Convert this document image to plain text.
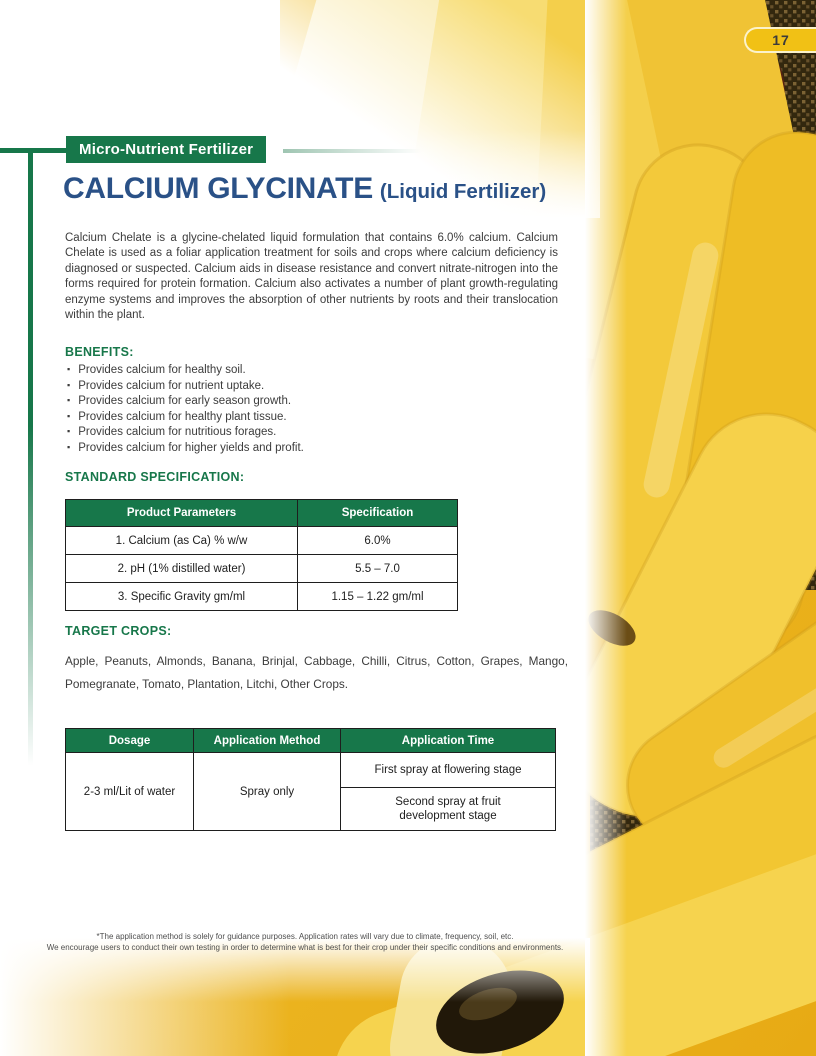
17
Micro-Nutrient Fertilizer
CALCIUM GLYCINATE (Liquid Fertilizer)

Calcium Chelate is a glycine-chelated liquid formulation that contains 6.0% calcium. Calcium Chelate is used as a foliar application treatment for soils and crops where calcium deficiency is diagnosed or suspected. Calcium aids in disease resistance and convert nitrate-nitrogen into the forms required for protein formation. Calcium also activates a number of plant growth-regulating enzyme systems and improves the absorption of other nutrients by roots and their translocation within the plant.

BENEFITS:
▪ Provides calcium for healthy soil.
▪ Provides calcium for nutrient uptake.
▪ Provides calcium for early season growth.
▪ Provides calcium for healthy plant tissue.
▪ Provides calcium for nutritious forages.
▪ Provides calcium for higher yields and profit.
STANDARD SPECIFICATION:
Product Parameters	Specification
1. Calcium (as Ca) % w/w	6.0%
2. pH (1% distilled water)	5.5 – 7.0
3. Specific Gravity gm/ml	1.15 – 1.22 gm/ml
TARGET CROPS:

Apple, Peanuts, Almonds, Banana, Brinjal, Cabbage, Chilli, Citrus, Cotton, Grapes, Mango, Pomegranate, Tomato, Plantation, Litchi, Other Crops.

Dosage	Application Method	Application Time
2-3 ml/Lit of water	Spray only	First spray at flowering stage
		Second spray at fruit development stage
*The application method is solely for guidance purposes. Application rates will vary due to climate, frequency, soil, etc.
We encourage users to conduct their own testing in order to determine what is best for their crop under their specific conditions and environments.
